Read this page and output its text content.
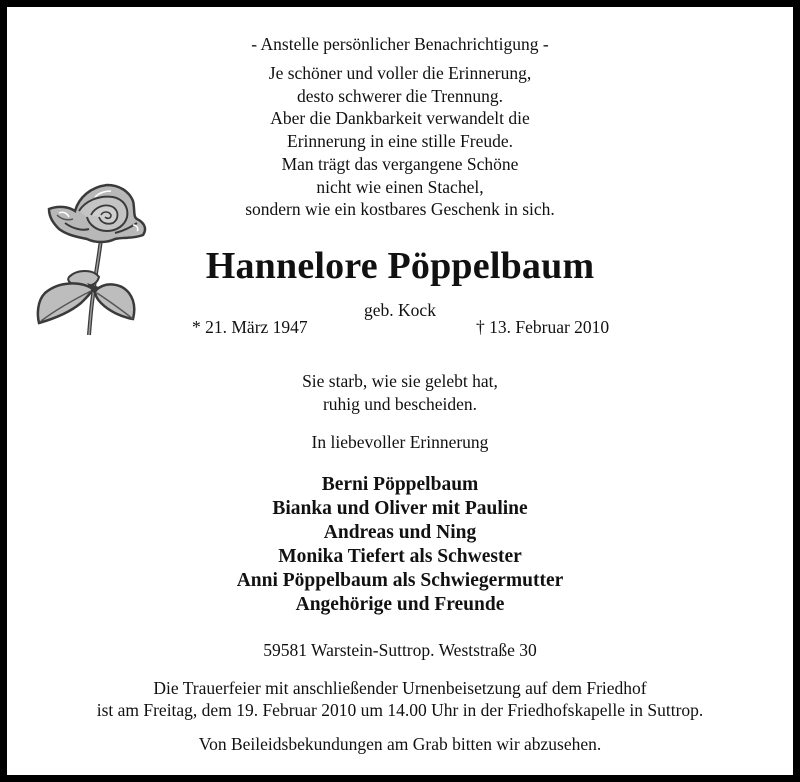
- Anstelle persönlicher Benachrichtigung -
Je schöner und voller die Erinnerung,
desto schwerer die Trennung.
Aber die Dankbarkeit verwandelt die
Erinnerung in eine stille Freude.
Man trägt das vergangene Schöne
nicht wie einen Stachel,
sondern wie ein kostbares Geschenk in sich.
Hannelore Pöppelbaum
geb. Kock
* 21. März 1947	† 13. Februar 2010
Sie starb, wie sie gelebt hat,
ruhig und bescheiden.
In liebevoller Erinnerung
Berni Pöppelbaum
Bianka und Oliver mit Pauline
Andreas und Ning
Monika Tiefert als Schwester
Anni Pöppelbaum als Schwiegermutter
Angehörige und Freunde
59581 Warstein-Suttrop. Weststraße 30
Die Trauerfeier mit anschließender Urnenbeisetzung auf dem Friedhof
ist am Freitag, dem 19. Februar 2010 um 14.00 Uhr in der Friedhofskapelle in Suttrop.
Von Beileidsbekundungen am Grab bitten wir abzusehen.
